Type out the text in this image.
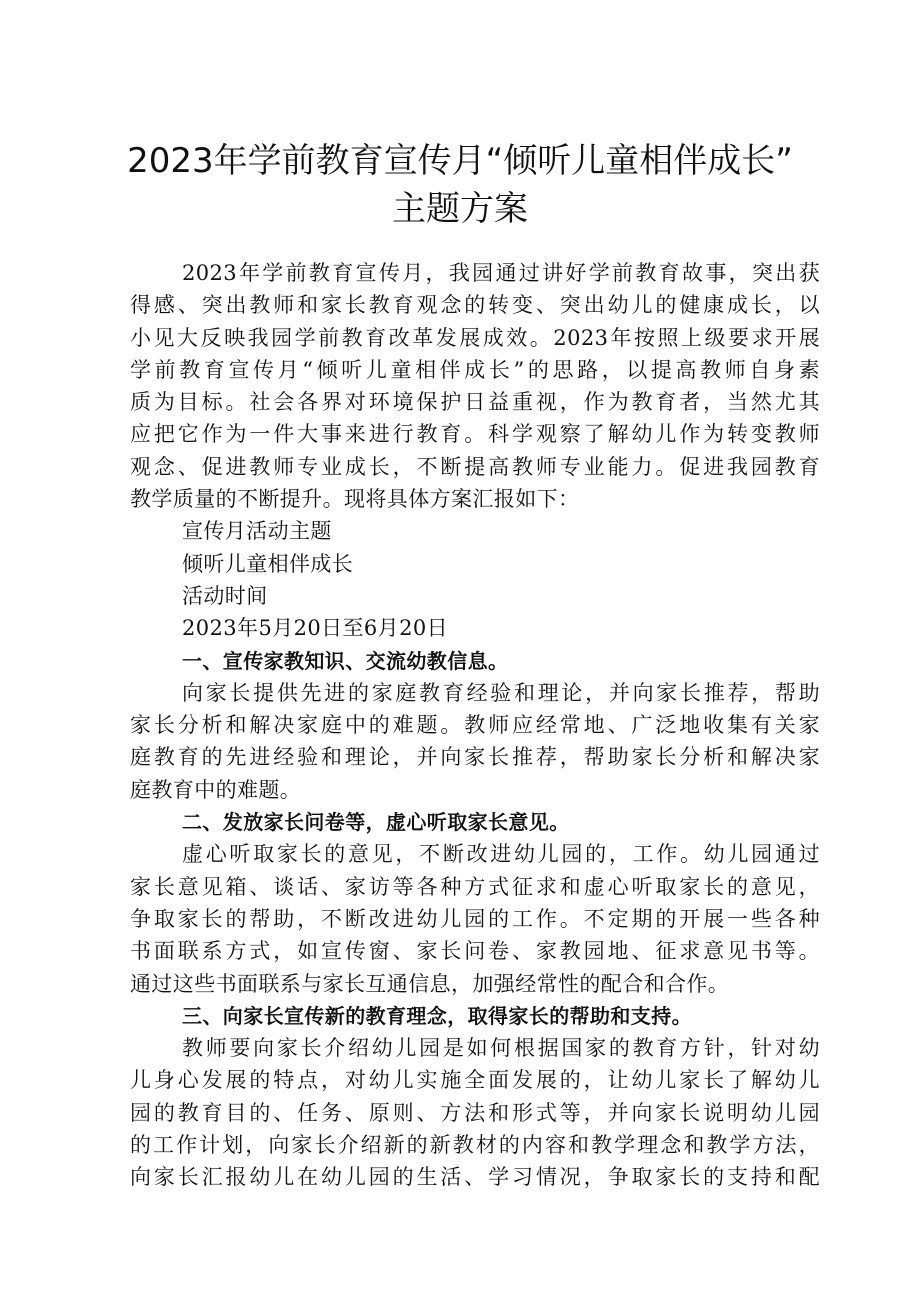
2023年学前教育宣传月“倾听儿童相伴成长”
主题方案
2023年学前教育宣传月，我园通过讲好学前教育故事，突出获
得感、突出教师和家长教育观念的转变、突出幼儿的健康成长，以
小见大反映我园学前教育改革发展成效。2023年按照上级要求开展
学前教育宣传月“倾听儿童相伴成长”的思路，以提高教师自身素
质为目标。社会各界对环境保护日益重视，作为教育者，当然尤其
应把它作为一件大事来进行教育。科学观察了解幼儿作为转变教师
观念、促进教师专业成长，不断提高教师专业能力。促进我园教育
教学质量的不断提升。现将具体方案汇报如下：
宣传月活动主题
倾听儿童相伴成长
活动时间
2023年5月20日至6月20日
一、宣传家教知识、交流幼教信息。
向家长提供先进的家庭教育经验和理论，并向家长推荐，帮助
家长分析和解决家庭中的难题。教师应经常地、广泛地收集有关家
庭教育的先进经验和理论，并向家长推荐，帮助家长分析和解决家
庭教育中的难题。
二、发放家长问卷等，虚心听取家长意见。
虚心听取家长的意见，不断改进幼儿园的，工作。幼儿园通过
家长意见箱、谈话、家访等各种方式征求和虚心听取家长的意见，
争取家长的帮助，不断改进幼儿园的工作。不定期的开展一些各种
书面联系方式，如宣传窗、家长问卷、家教园地、征求意见书等。
通过这些书面联系与家长互通信息，加强经常性的配合和合作。
三、向家长宣传新的教育理念，取得家长的帮助和支持。
教师要向家长介绍幼儿园是如何根据国家的教育方针，针对幼
儿身心发展的特点，对幼儿实施全面发展的，让幼儿家长了解幼儿
园的教育目的、任务、原则、方法和形式等，并向家长说明幼儿园
的工作计划，向家长介绍新的新教材的内容和教学理念和教学方法，
向家长汇报幼儿在幼儿园的生活、学习情况，争取家长的支持和配
